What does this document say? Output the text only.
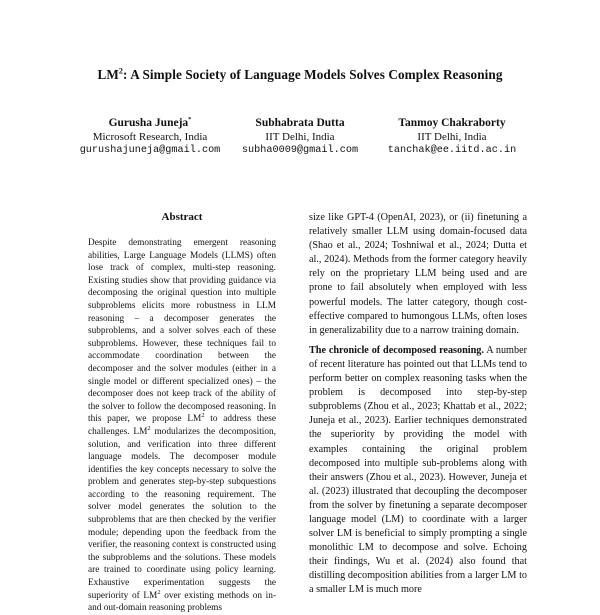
$LM^2$: A Simple Society of Language Models Solves Complex Reasoning
Gurusha Juneja*
Microsoft Research, India
gurushajuneja@gmail.com
Subhabrata Dutta
IIT Delhi, India
subha0009@gmail.com
Tanmoy Chakraborty
IIT Delhi, India
tanchak@ee.iitd.ac.in
Abstract
Despite demonstrating emergent reasoning abilities, Large Language Models (LLMS) often lose track of complex, multi-step reasoning. Existing studies show that providing guidance via decomposing the original question into multiple subproblems elicits more robustness in LLM reasoning – a decomposer generates the subproblems, and a solver solves each of these subproblems. However, these techniques fail to accommodate coordination between the decomposer and the solver modules (either in a single model or different specialized ones) – the decomposer does not keep track of the ability of the solver to follow the decomposed reasoning. In this paper, we propose $LM^2$ to address these challenges. $LM^2$ modularizes the decomposition, solution, and verification into three different language models. The decomposer module identifies the key concepts necessary to solve the problem and generates step-by-step subquestions according to the reasoning requirement. The solver model generates the solution to the subproblems that are then checked by the verifier module; depending upon the feedback from the verifier, the reasoning context is constructed using the subproblems and the solutions. These models are trained to coordinate using policy learning. Exhaustive experimentation suggests the superiority of $LM^2$ over existing methods on in- and out-domain reasoning problems

size like GPT-4 (OpenAI, 2023), or (ii) finetuning a relatively smaller LLM using domain-focused data (Shao et al., 2024; Toshniwal et al., 2024; Dutta et al., 2024). Methods from the former category heavily rely on the proprietary LLM being used and are prone to fail absolutely when employed with less powerful models. The latter category, though cost-effective compared to humongous LLMs, often loses in generalizability due to a narrow training domain.

The chronicle of decomposed reasoning. A number of recent literature has pointed out that LLMs tend to perform better on complex reasoning tasks when the problem is decomposed into step-by-step subproblems (Zhou et al., 2023; Khattab et al., 2022; Juneja et al., 2023). Earlier techniques demonstrated the superiority by providing the model with examples containing the original problem decomposed into multiple sub-problems along with their answers (Zhou et al., 2023). However, Juneja et al. (2023) illustrated that decoupling the decomposer from the solver by finetuning a separate decomposer language model (LM) to coordinate with a larger solver LM is beneficial to simply prompting a single monolithic LM to decompose and solve. Echoing their findings, Wu et al. (2024) also found that distilling decomposition abilities from a larger LM to a smaller LM is much more
